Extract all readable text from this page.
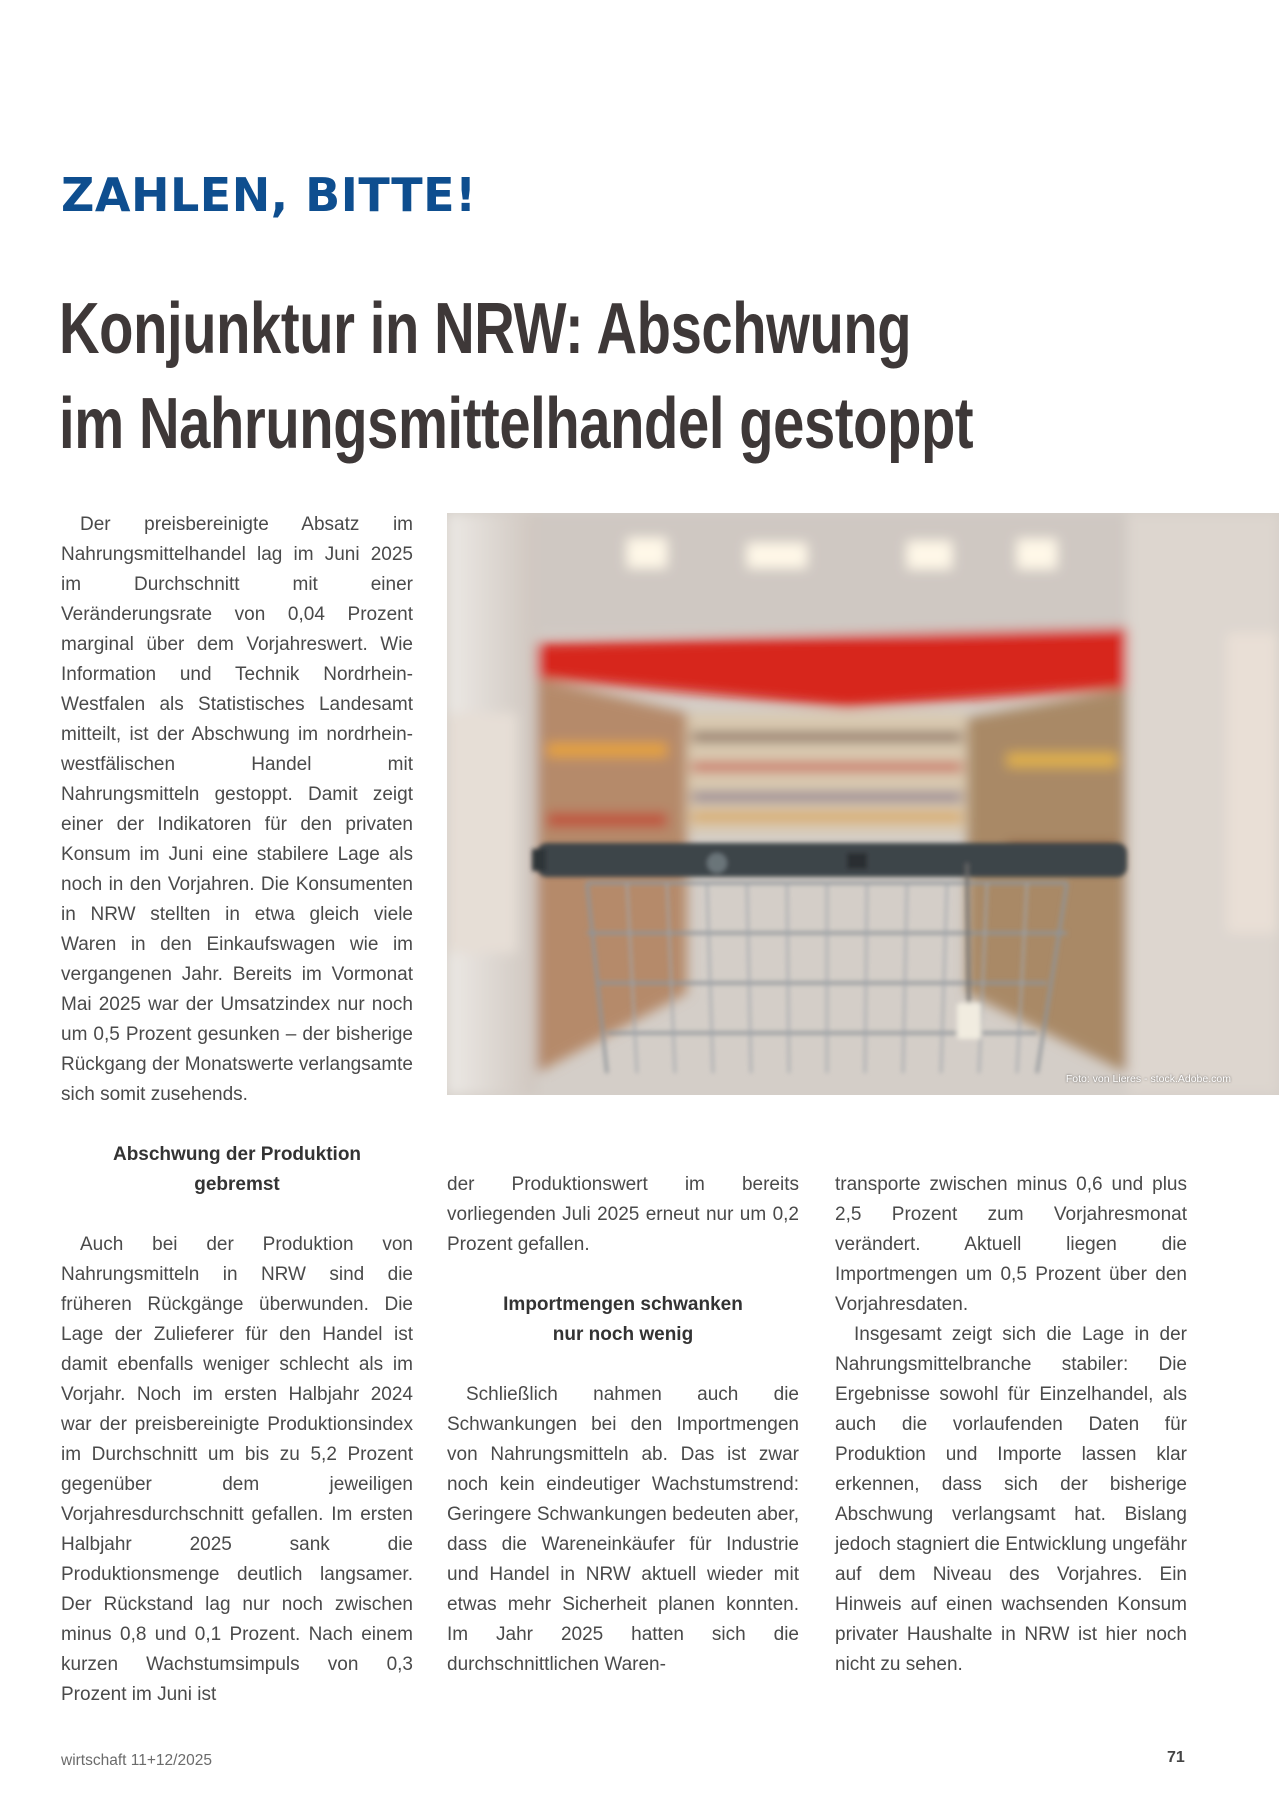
ZAHLEN, BITTE!
Konjunktur in NRW: Abschwung
im Nahrungsmittelhandel gestoppt

Der preisbereinigte Absatz im Nahrungsmittelhandel lag im Juni 2025 im Durchschnitt mit einer Veränderungsrate von 0,04 Prozent marginal über dem Vorjahreswert. Wie Information und Technik Nordrhein-Westfalen als Statistisches Landesamt mitteilt, ist der Abschwung im nordrhein-westfälischen Handel mit Nahrungsmitteln gestoppt. Damit zeigt einer der Indikatoren für den privaten Konsum im Juni eine stabilere Lage als noch in den Vorjahren. Die Konsumenten in NRW stellten in etwa gleich viele Waren in den Einkaufswagen wie im vergangenen Jahr. Bereits im Vormonat Mai 2025 war der Umsatzindex nur noch um 0,5 Prozent gesunken – der bisherige Rückgang der Monatswerte verlangsamte sich somit zusehends.

Abschwung der Produktion
gebremst

Auch bei der Produktion von Nahrungsmitteln in NRW sind die früheren Rückgänge überwunden. Die Lage der Zulieferer für den Handel ist damit ebenfalls weniger schlecht als im Vorjahr. Noch im ersten Halbjahr 2024 war der preisbereinigte Produktionsindex im Durchschnitt um bis zu 5,2 Prozent gegenüber dem jeweiligen Vorjahresdurchschnitt gefallen. Im ersten Halbjahr 2025 sank die Produktionsmenge deutlich langsamer. Der Rückstand lag nur noch zwischen minus 0,8 und 0,1 Prozent. Nach einem kurzen Wachstumsimpuls von 0,3 Prozent im Juni ist

Foto: von Lieres - stock.Adobe.com

der Produktionswert im bereits vorliegenden Juli 2025 erneut nur um 0,2 Prozent gefallen.

Importmengen schwanken
nur noch wenig

Schließlich nahmen auch die Schwankungen bei den Importmengen von Nahrungsmitteln ab. Das ist zwar noch kein eindeutiger Wachstumstrend: Geringere Schwankungen bedeuten aber, dass die Wareneinkäufer für Industrie und Handel in NRW aktuell wieder mit etwas mehr Sicherheit planen konnten. Im Jahr 2025 hatten sich die durchschnittlichen Waren-

transporte zwischen minus 0,6 und plus 2,5 Prozent zum Vorjahresmonat verändert. Aktuell liegen die Importmengen um 0,5 Prozent über den Vorjahresdaten.

Insgesamt zeigt sich die Lage in der Nahrungsmittelbranche stabiler: Die Ergebnisse sowohl für Einzelhandel, als auch die vorlaufenden Daten für Produktion und Importe lassen klar erkennen, dass sich der bisherige Abschwung verlangsamt hat. Bislang jedoch stagniert die Entwicklung ungefähr auf dem Niveau des Vorjahres. Ein Hinweis auf einen wachsenden Konsum privater Haushalte in NRW ist hier noch nicht zu sehen.

wirtschaft 11+12/2025	71
